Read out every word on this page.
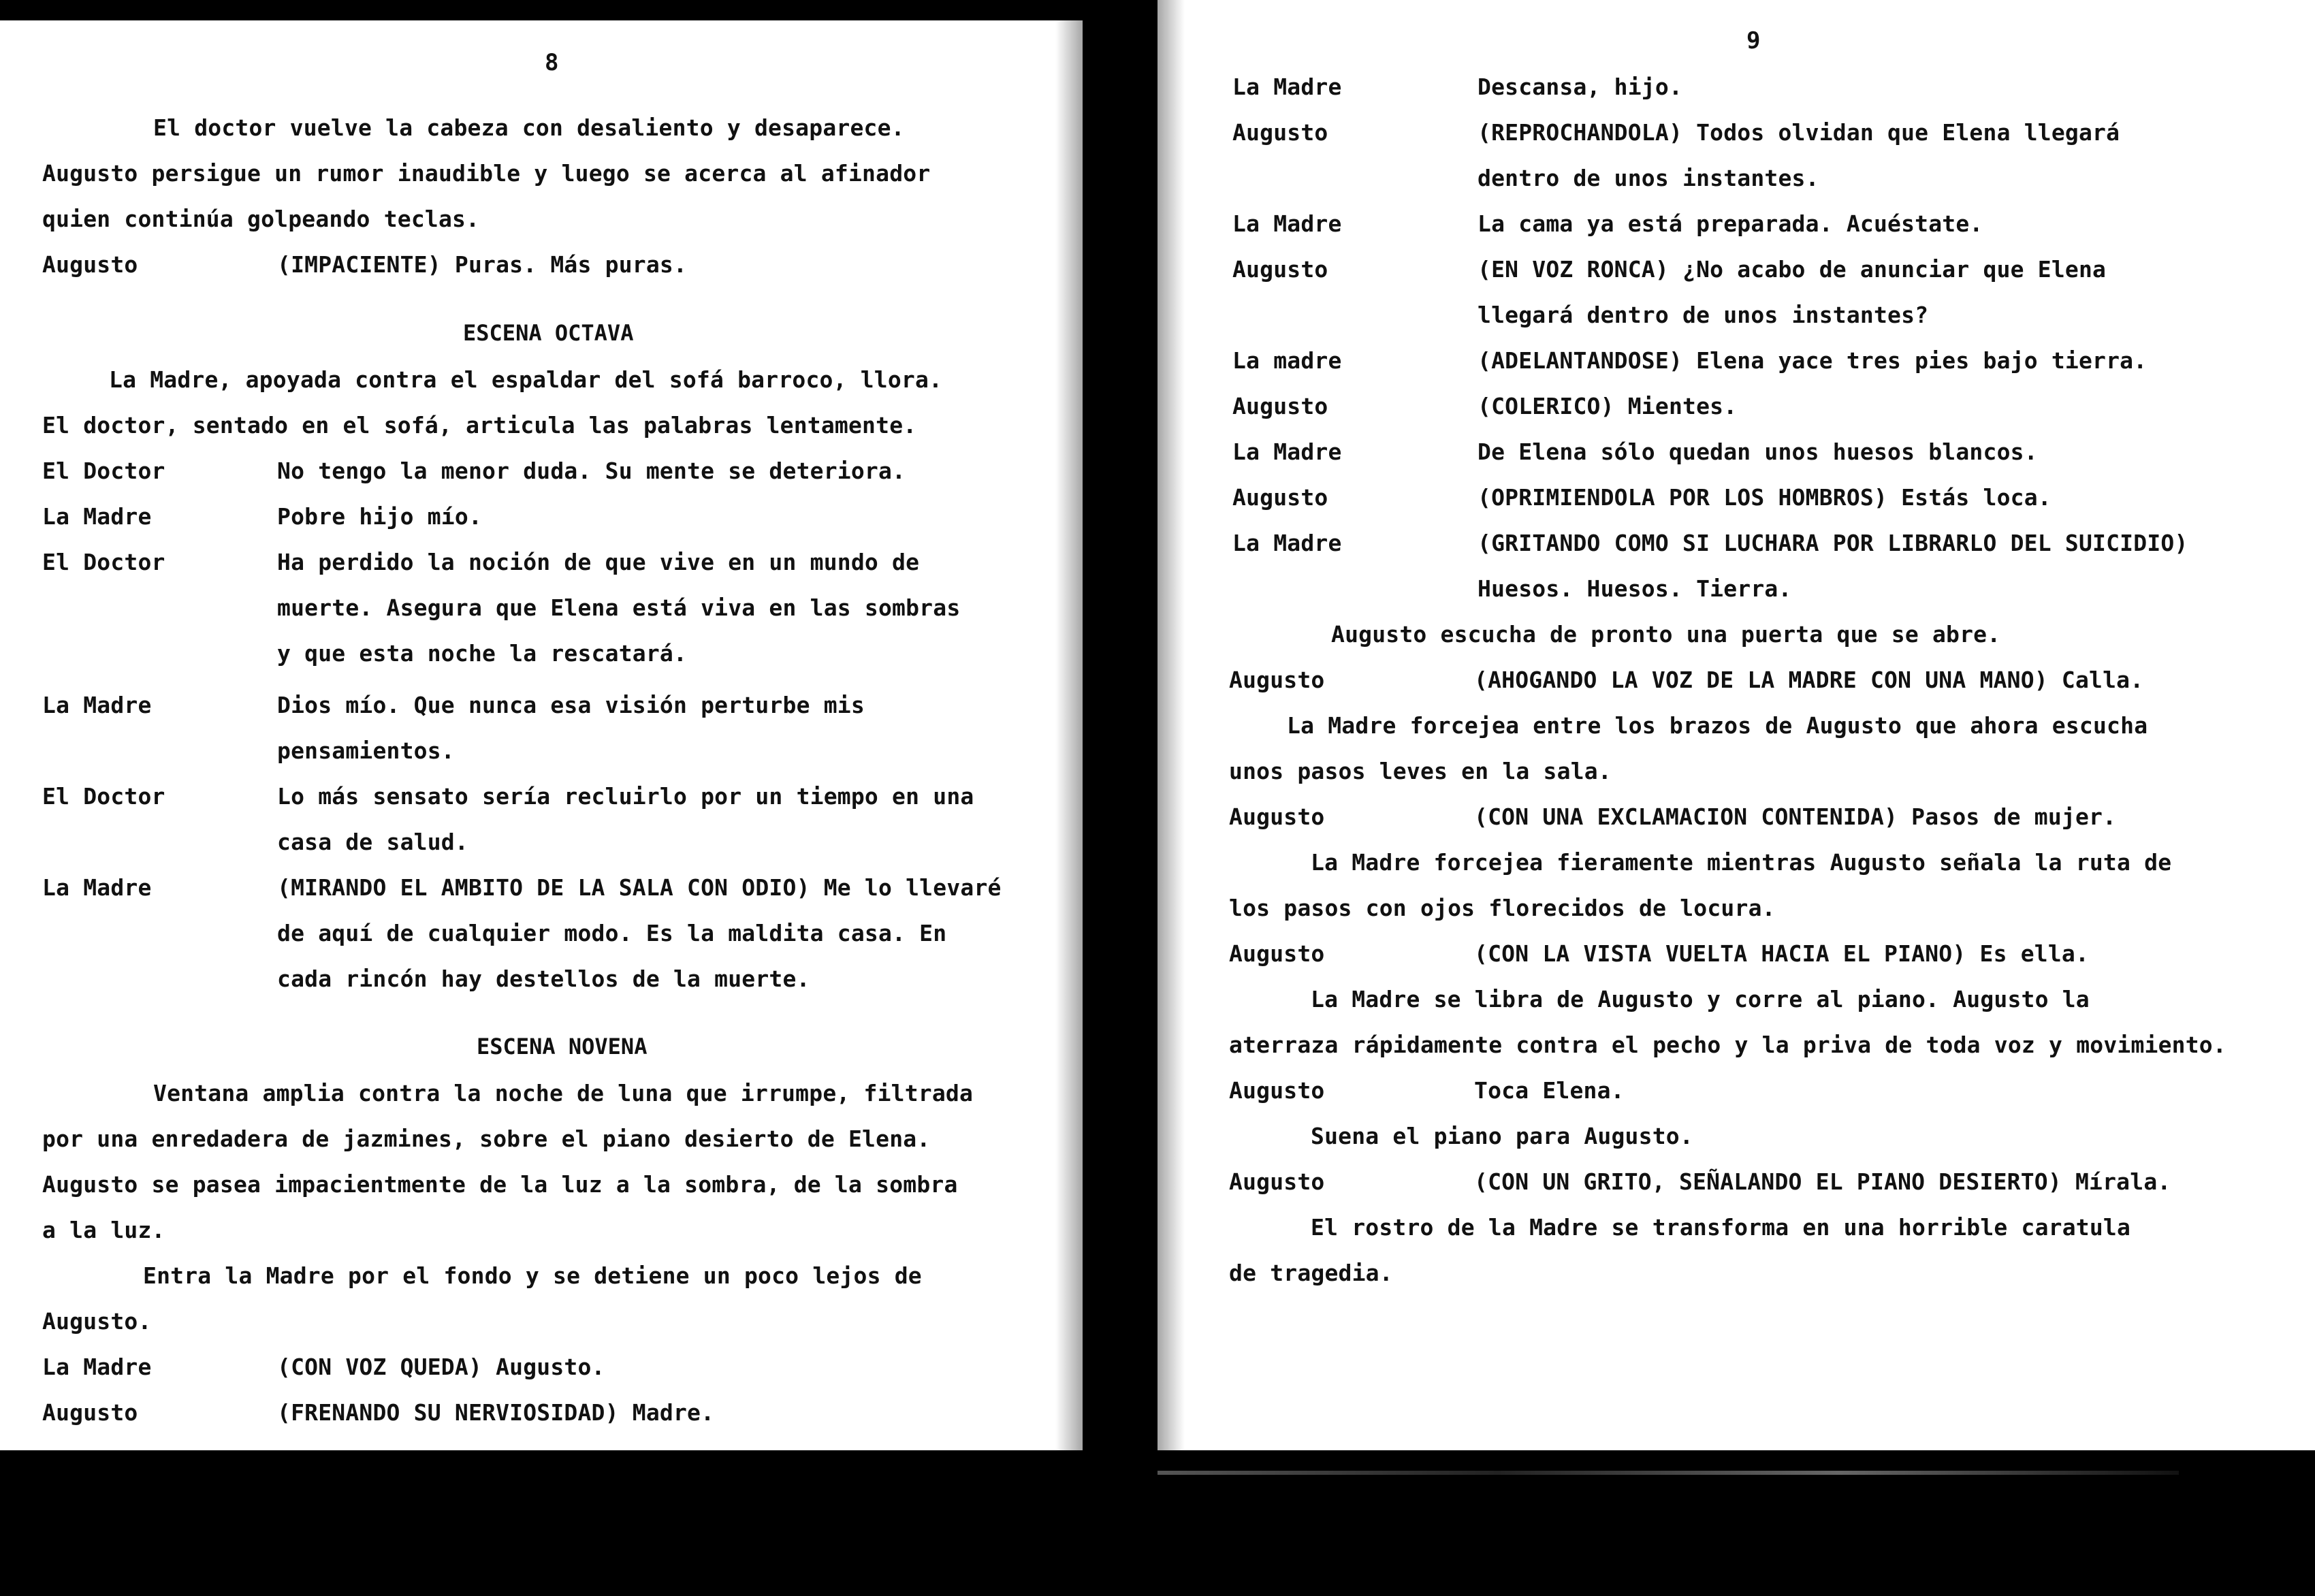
8
El doctor vuelve la cabeza con desaliento y desaparece.
Augusto persigue un rumor inaudible y luego se acerca al afinador
quien continúa golpeando teclas.
Augusto	(IMPACIENTE) Puras. Más puras.
ESCENA OCTAVA
La Madre, apoyada contra el espaldar del sofá barroco, llora.
El doctor, sentado en el sofá, articula las palabras lentamente.
El Doctor	No tengo la menor duda. Su mente se deteriora.
La Madre	Pobre hijo mío.
El Doctor	Ha perdido la noción de que vive en un mundo de
muerte. Asegura que Elena está viva en las sombras
y que esta noche la rescatará.
La Madre	Dios mío. Que nunca esa visión perturbe mis
pensamientos.
El Doctor	Lo más sensato sería recluirlo por un tiempo en una
casa de salud.
La Madre	(MIRANDO EL AMBITO DE LA SALA CON ODIO) Me lo llevaré
de aquí de cualquier modo. Es la maldita casa. En
cada rincón hay destellos de la muerte.
ESCENA NOVENA
Ventana amplia contra la noche de luna que irrumpe, filtrada
por una enredadera de jazmines, sobre el piano desierto de Elena.
Augusto se pasea impacientmente de la luz a la sombra, de la sombra
a la luz.
Entra la Madre por el fondo y se detiene un poco lejos de
Augusto.
La Madre	(CON VOZ QUEDA) Augusto.
Augusto	(FRENANDO SU NERVIOSIDAD) Madre.
9
La Madre	Descansa, hijo.
Augusto	(REPROCHANDOLA) Todos olvidan que Elena llegará
dentro de unos instantes.
La Madre	La cama ya está preparada. Acuéstate.
Augusto	(EN VOZ RONCA) ¿No acabo de anunciar que Elena
llegará dentro de unos instantes?
La madre	(ADELANTANDOSE) Elena yace tres pies bajo tierra.
Augusto	(COLERICO) Mientes.
La Madre	De Elena sólo quedan unos huesos blancos.
Augusto	(OPRIMIENDOLA POR LOS HOMBROS) Estás loca.
La Madre	(GRITANDO COMO SI LUCHARA POR LIBRARLO DEL SUICIDIO)
Huesos. Huesos. Tierra.
Augusto escucha de pronto una puerta que se abre.
Augusto	(AHOGANDO LA VOZ DE LA MADRE CON UNA MANO) Calla.
La Madre forcejea entre los brazos de Augusto que ahora escucha
unos pasos leves en la sala.
Augusto	(CON UNA EXCLAMACION CONTENIDA) Pasos de mujer.
La Madre forcejea fieramente mientras Augusto señala la ruta de
los pasos con ojos florecidos de locura.
Augusto	(CON LA VISTA VUELTA HACIA EL PIANO) Es ella.
La Madre se libra de Augusto y corre al piano. Augusto la
aterraza rápidamente contra el pecho y la priva de toda voz y movimiento.
Augusto	Toca Elena.
Suena el piano para Augusto.
Augusto	(CON UN GRITO, SEÑALANDO EL PIANO DESIERTO) Mírala.
El rostro de la Madre se transforma en una horrible caratula
de tragedia.
